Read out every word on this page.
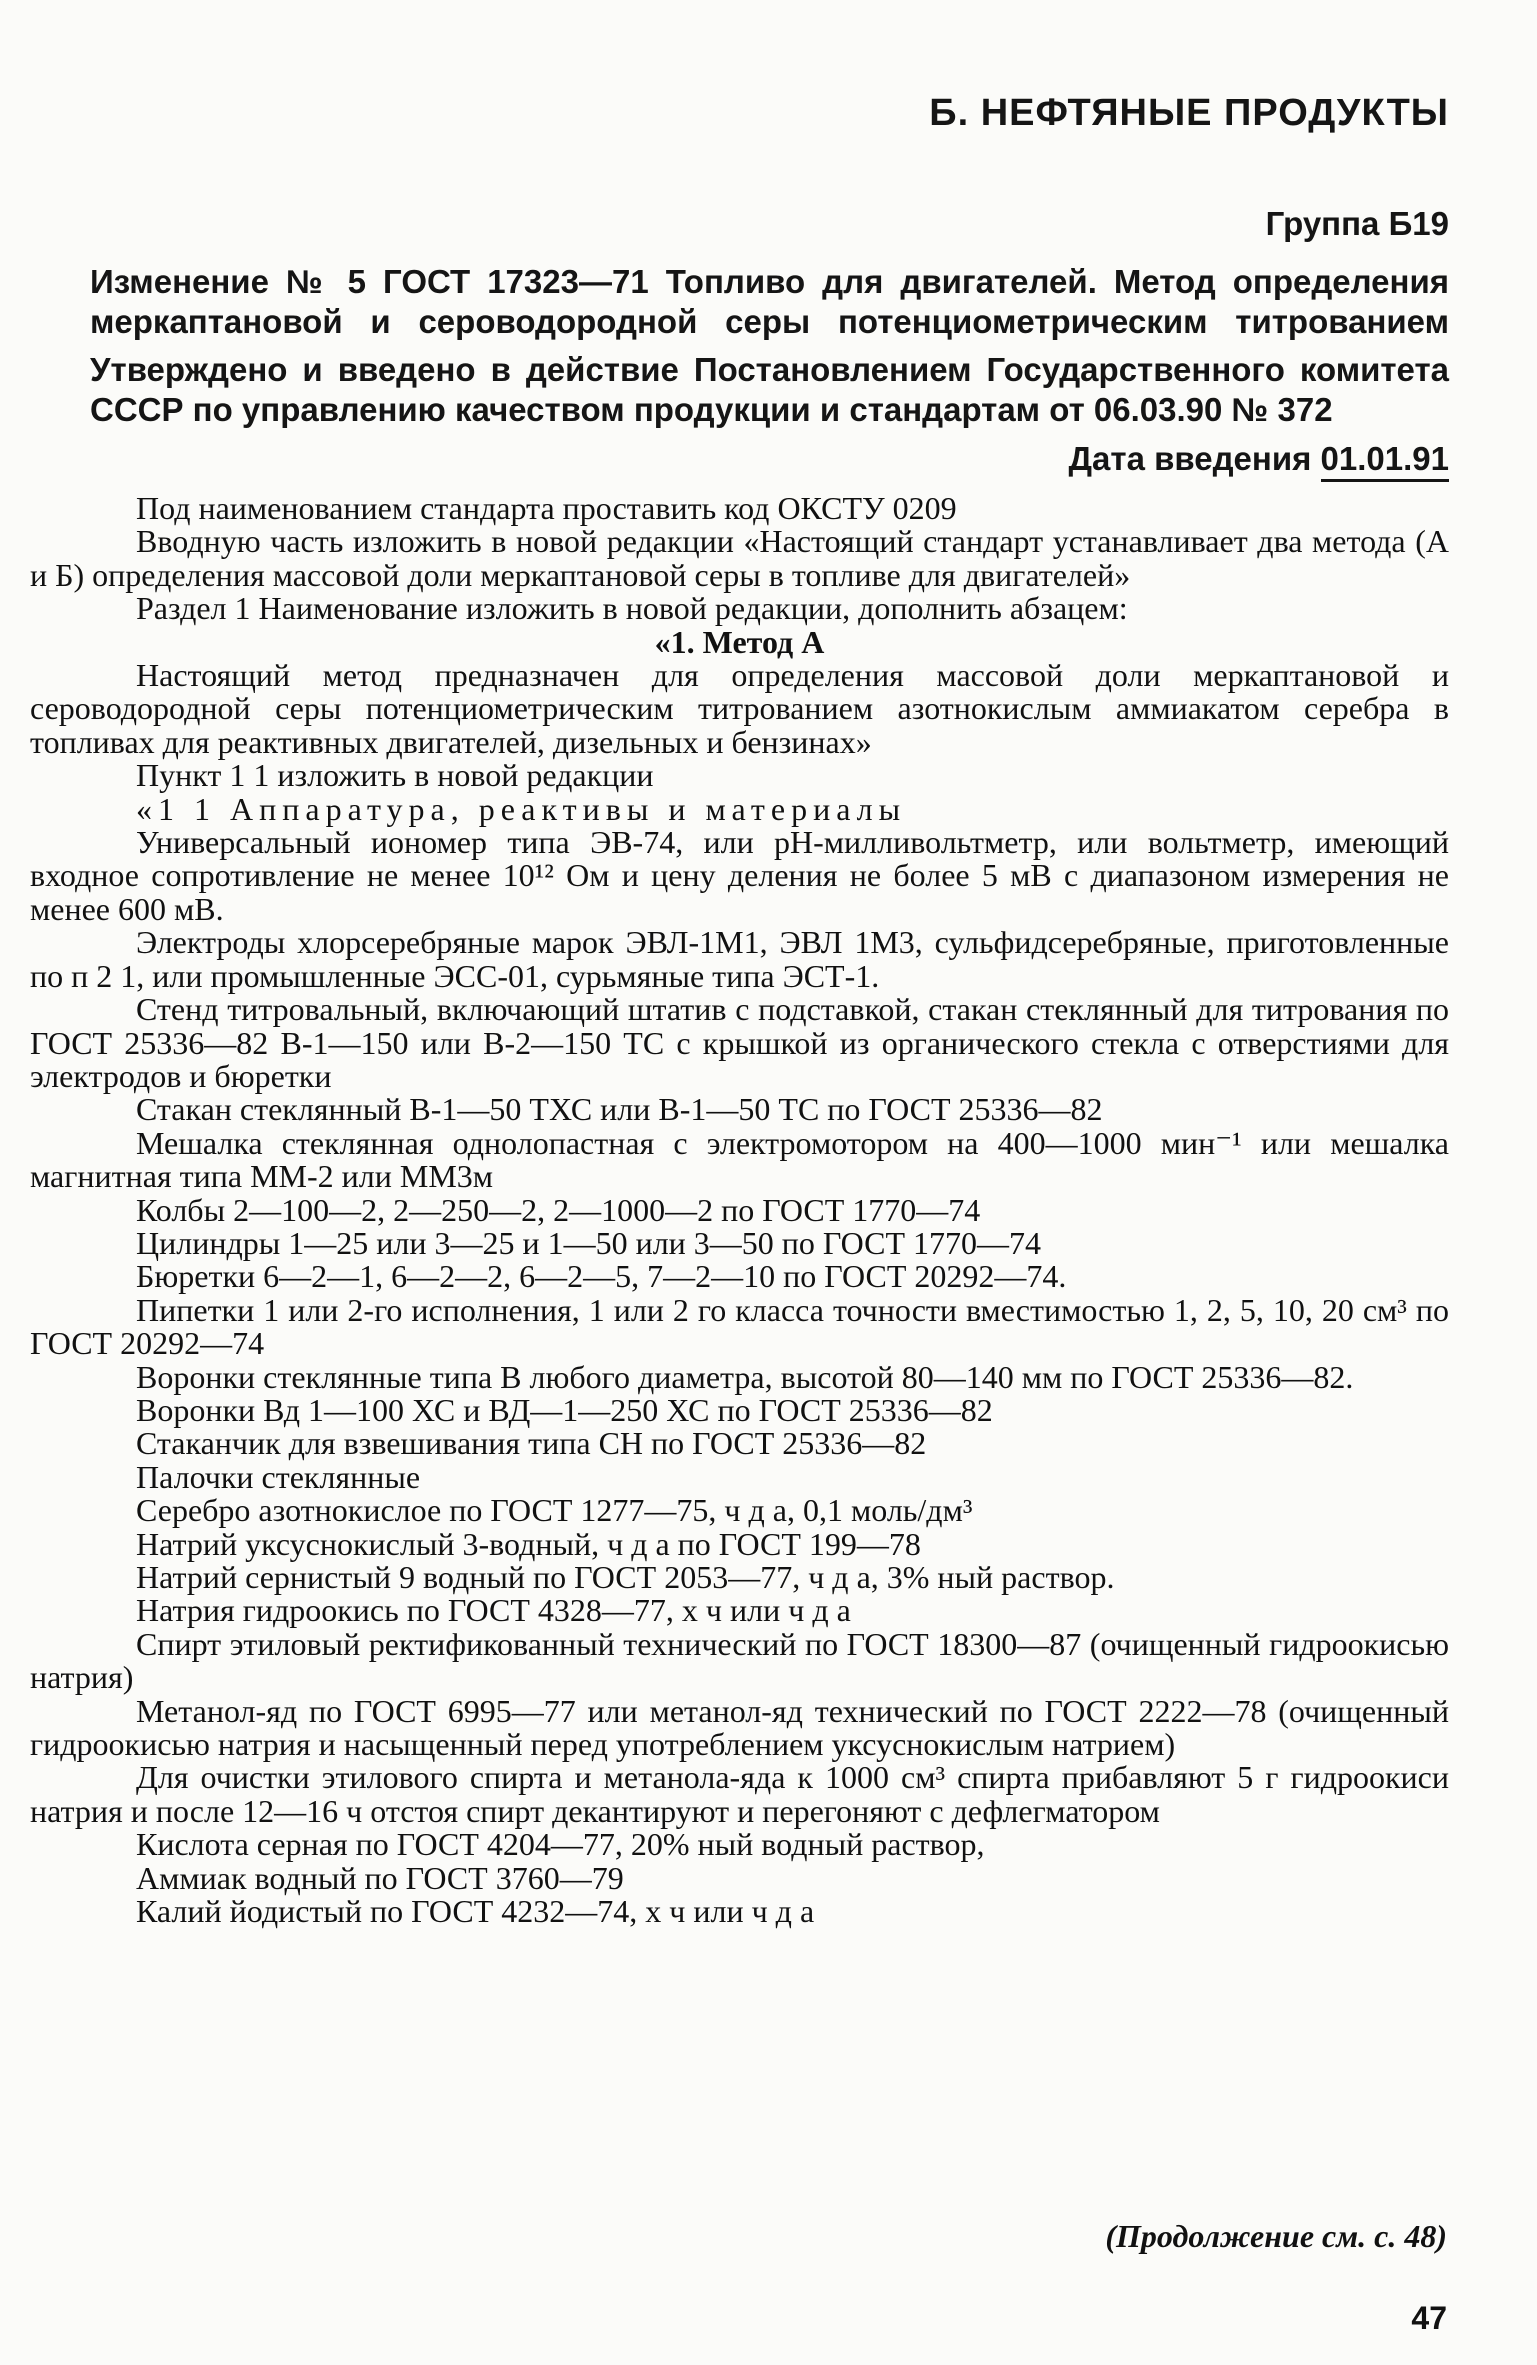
Б. НЕФТЯНЫЕ ПРОДУКТЫ
Группа Б19
Изменение № 5 ГОСТ 17323—71 Топливо для двигателей. Метод определения меркаптановой и сероводородной серы потенциометрическим титрованием
Утверждено и введено в действие Постановлением Государственного комитета СССР по управлению качеством продукции и стандартам от 06.03.90 № 372
Дата введения 01.01.91
Под наименованием стандарта проставить код ОКСТУ 0209
Вводную часть изложить в новой редакции «Настоящий стандарт устанавливает два метода (А и Б) определения массовой доли меркаптановой серы в топливе для двигателей»
Раздел 1 Наименование изложить в новой редакции, дополнить абзацем:
«1. Метод А
Настоящий метод предназначен для определения массовой доли меркаптановой и сероводородной серы потенциометрическим титрованием азотнокислым аммиакатом серебра в топливах для реактивных двигателей, дизельных и бензинах»
Пункт 1 1 изложить в новой редакции
«1 1 Аппаратура, реактивы и материалы
Универсальный иономер типа ЭВ-74, или рН-милливольтметр, или вольтметр, имеющий входное сопротивление не менее 10¹² Ом и цену деления не более 5 мВ с диапазоном измерения не менее 600 мВ.
Электроды хлорсеребряные марок ЭВЛ-1М1, ЭВЛ 1М3, сульфидсеребряные, приготовленные по п 2 1, или промышленные ЭСС-01, сурьмяные типа ЭСТ-1.
Стенд титровальный, включающий штатив с подставкой, стакан стеклянный для титрования по ГОСТ 25336—82 В-1—150 или В-2—150 ТС с крышкой из органического стекла с отверстиями для электродов и бюретки
Стакан стеклянный В-1—50 ТХС или В-1—50 ТС по ГОСТ 25336—82
Мешалка стеклянная однолопастная с электромотором на 400—1000 мин⁻¹ или мешалка магнитная типа ММ-2 или ММ3м
Колбы 2—100—2, 2—250—2, 2—1000—2 по ГОСТ 1770—74
Цилиндры 1—25 или 3—25 и 1—50 или 3—50 по ГОСТ 1770—74
Бюретки 6—2—1, 6—2—2, 6—2—5, 7—2—10 по ГОСТ 20292—74.
Пипетки 1 или 2-го исполнения, 1 или 2 го класса точности вместимостью 1, 2, 5, 10, 20 см³ по ГОСТ 20292—74
Воронки стеклянные типа В любого диаметра, высотой 80—140 мм по ГОСТ 25336—82.
Воронки Вд 1—100 ХС и ВД—1—250 ХС по ГОСТ 25336—82
Стаканчик для взвешивания типа СН по ГОСТ 25336—82
Палочки стеклянные
Серебро азотнокислое по ГОСТ 1277—75, ч д а, 0,1 моль/дм³
Натрий уксуснокислый 3-водный, ч д а по ГОСТ 199—78
Натрий сернистый 9 водный по ГОСТ 2053—77, ч д а, 3% ный раствор.
Натрия гидроокись по ГОСТ 4328—77, х ч или ч д а
Спирт этиловый ректификованный технический по ГОСТ 18300—87 (очищенный гидроокисью натрия)
Метанол-яд по ГОСТ 6995—77 или метанол-яд технический по ГОСТ 2222—78 (очищенный гидроокисью натрия и насыщенный перед употреблением уксуснокислым натрием)
Для очистки этилового спирта и метанола-яда к 1000 см³ спирта прибавляют 5 г гидроокиси натрия и после 12—16 ч отстоя спирт декантируют и перегоняют с дефлегматором
Кислота серная по ГОСТ 4204—77, 20% ный водный раствор,
Аммиак водный по ГОСТ 3760—79
Калий йодистый по ГОСТ 4232—74, х ч или ч д а
(Продолжение см. с. 48)
47
